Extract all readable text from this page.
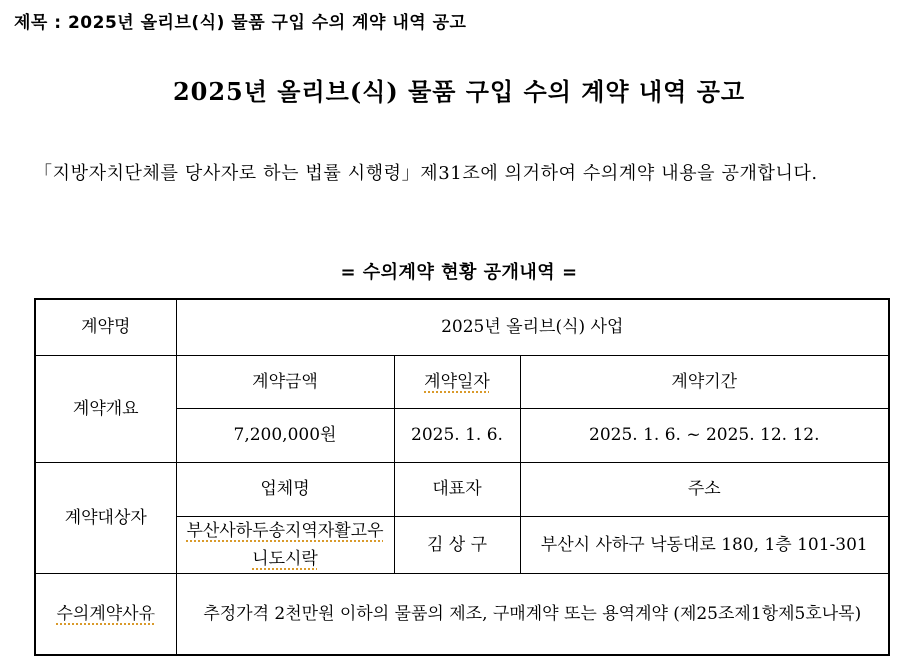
제목 : 2025년 올리브(식) 물품 구입 수의 계약 내역 공고
2025년 올리브(식) 물품 구입 수의 계약 내역 공고
「지방자치단체를 당사자로 하는 법률 시행령」제31조에 의거하여 수의계약 내용을 공개합니다.
= 수의계약 현황 공개내역 =
계약명	2025년 올리브(식) 사업		
계약개요	계약금액	계약일자	계약기간
	7,200,000원	2025. 1. 6.	2025. 1. 6. ~ 2025. 12. 12.
계약대상자	업체명	대표자	주소
	부산사하두송지역자활고우니도시락	김 상 구	부산시 사하구 낙동대로 180, 1층 101-301
수의계약사유	추정가격 2천만원 이하의 물품의 제조, 구매계약 또는 용역계약 (제25조제1항제5호나목)		
